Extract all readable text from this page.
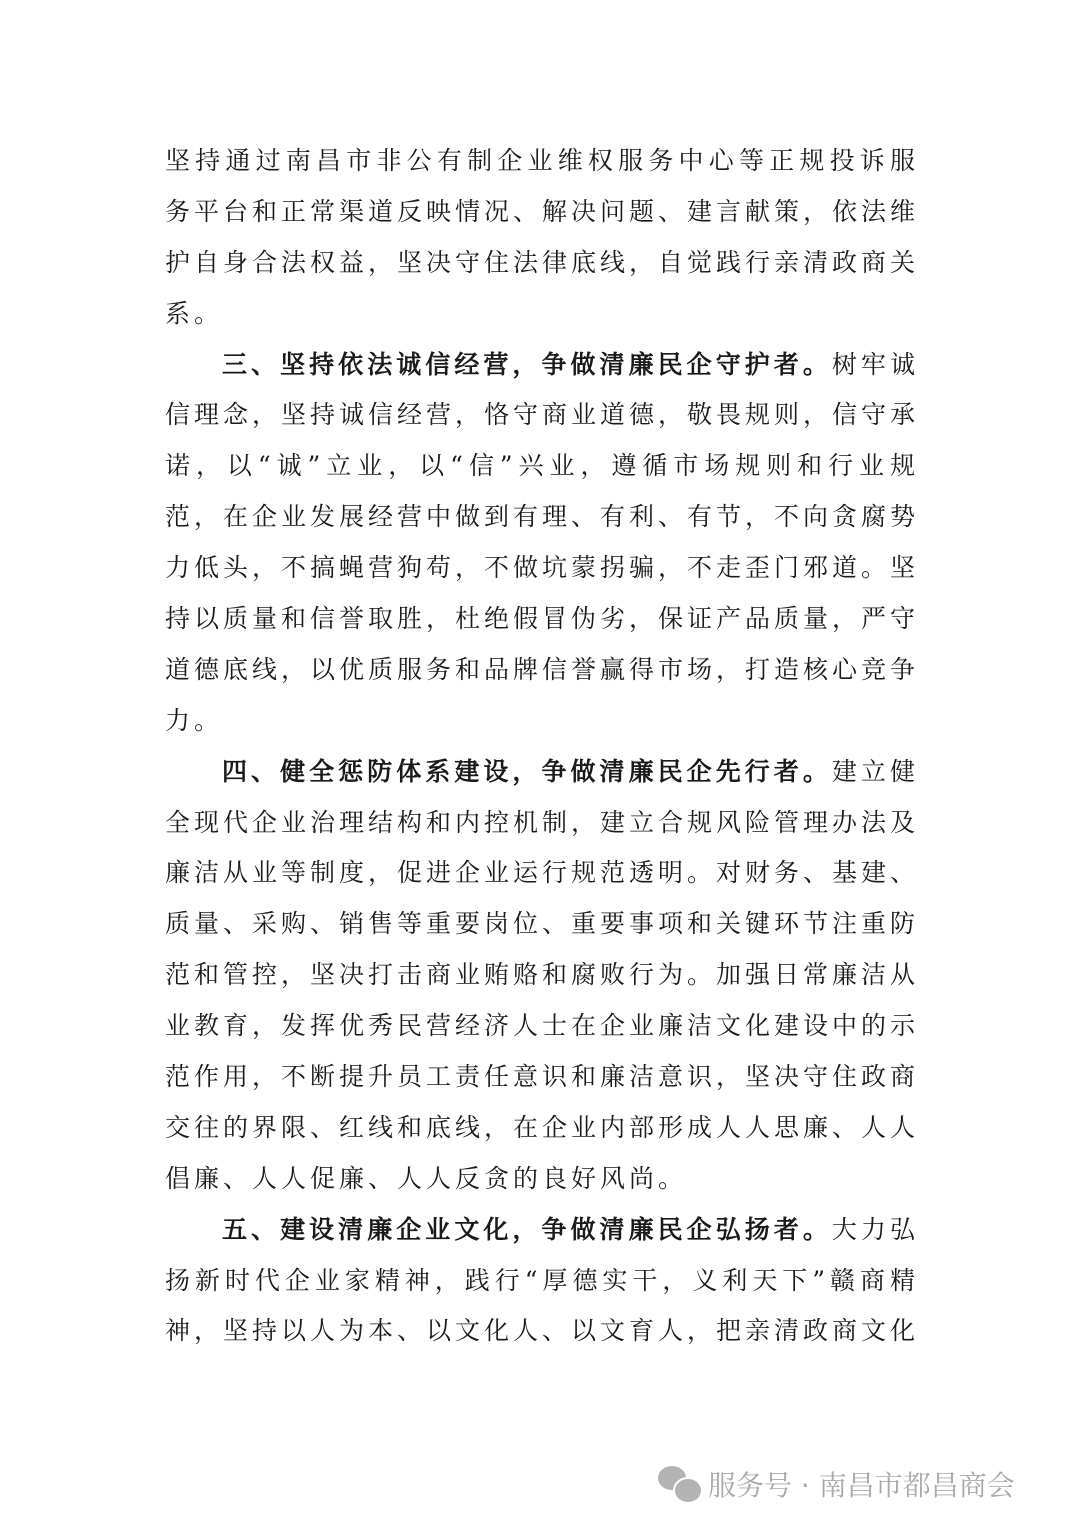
坚持通过南昌市非公有制企业维权服务中心等正规投诉服
务平台和正常渠道反映情况、解决问题、建言献策，依法维
护自身合法权益，坚决守住法律底线，自觉践行亲清政商关
系。
三、坚持依法诚信经营，争做清廉民企守护者。树牢诚
信理念，坚持诚信经营，恪守商业道德，敬畏规则，信守承
诺，以“诚”立业，以“信”兴业，遵循市场规则和行业规
范，在企业发展经营中做到有理、有利、有节，不向贪腐势
力低头，不搞蝇营狗苟，不做坑蒙拐骗，不走歪门邪道。坚
持以质量和信誉取胜，杜绝假冒伪劣，保证产品质量，严守
道德底线，以优质服务和品牌信誉赢得市场，打造核心竞争
力。
四、健全惩防体系建设，争做清廉民企先行者。建立健
全现代企业治理结构和内控机制，建立合规风险管理办法及
廉洁从业等制度，促进企业运行规范透明。对财务、基建、
质量、采购、销售等重要岗位、重要事项和关键环节注重防
范和管控，坚决打击商业贿赂和腐败行为。加强日常廉洁从
业教育，发挥优秀民营经济人士在企业廉洁文化建设中的示
范作用，不断提升员工责任意识和廉洁意识，坚决守住政商
交往的界限、红线和底线，在企业内部形成人人思廉、人人
倡廉、人人促廉、人人反贪的良好风尚。
五、建设清廉企业文化，争做清廉民企弘扬者。大力弘
扬新时代企业家精神，践行“厚德实干，义利天下”赣商精
神，坚持以人为本、以文化人、以文育人，把亲清政商文化
服务号 · 南昌市都昌商会
